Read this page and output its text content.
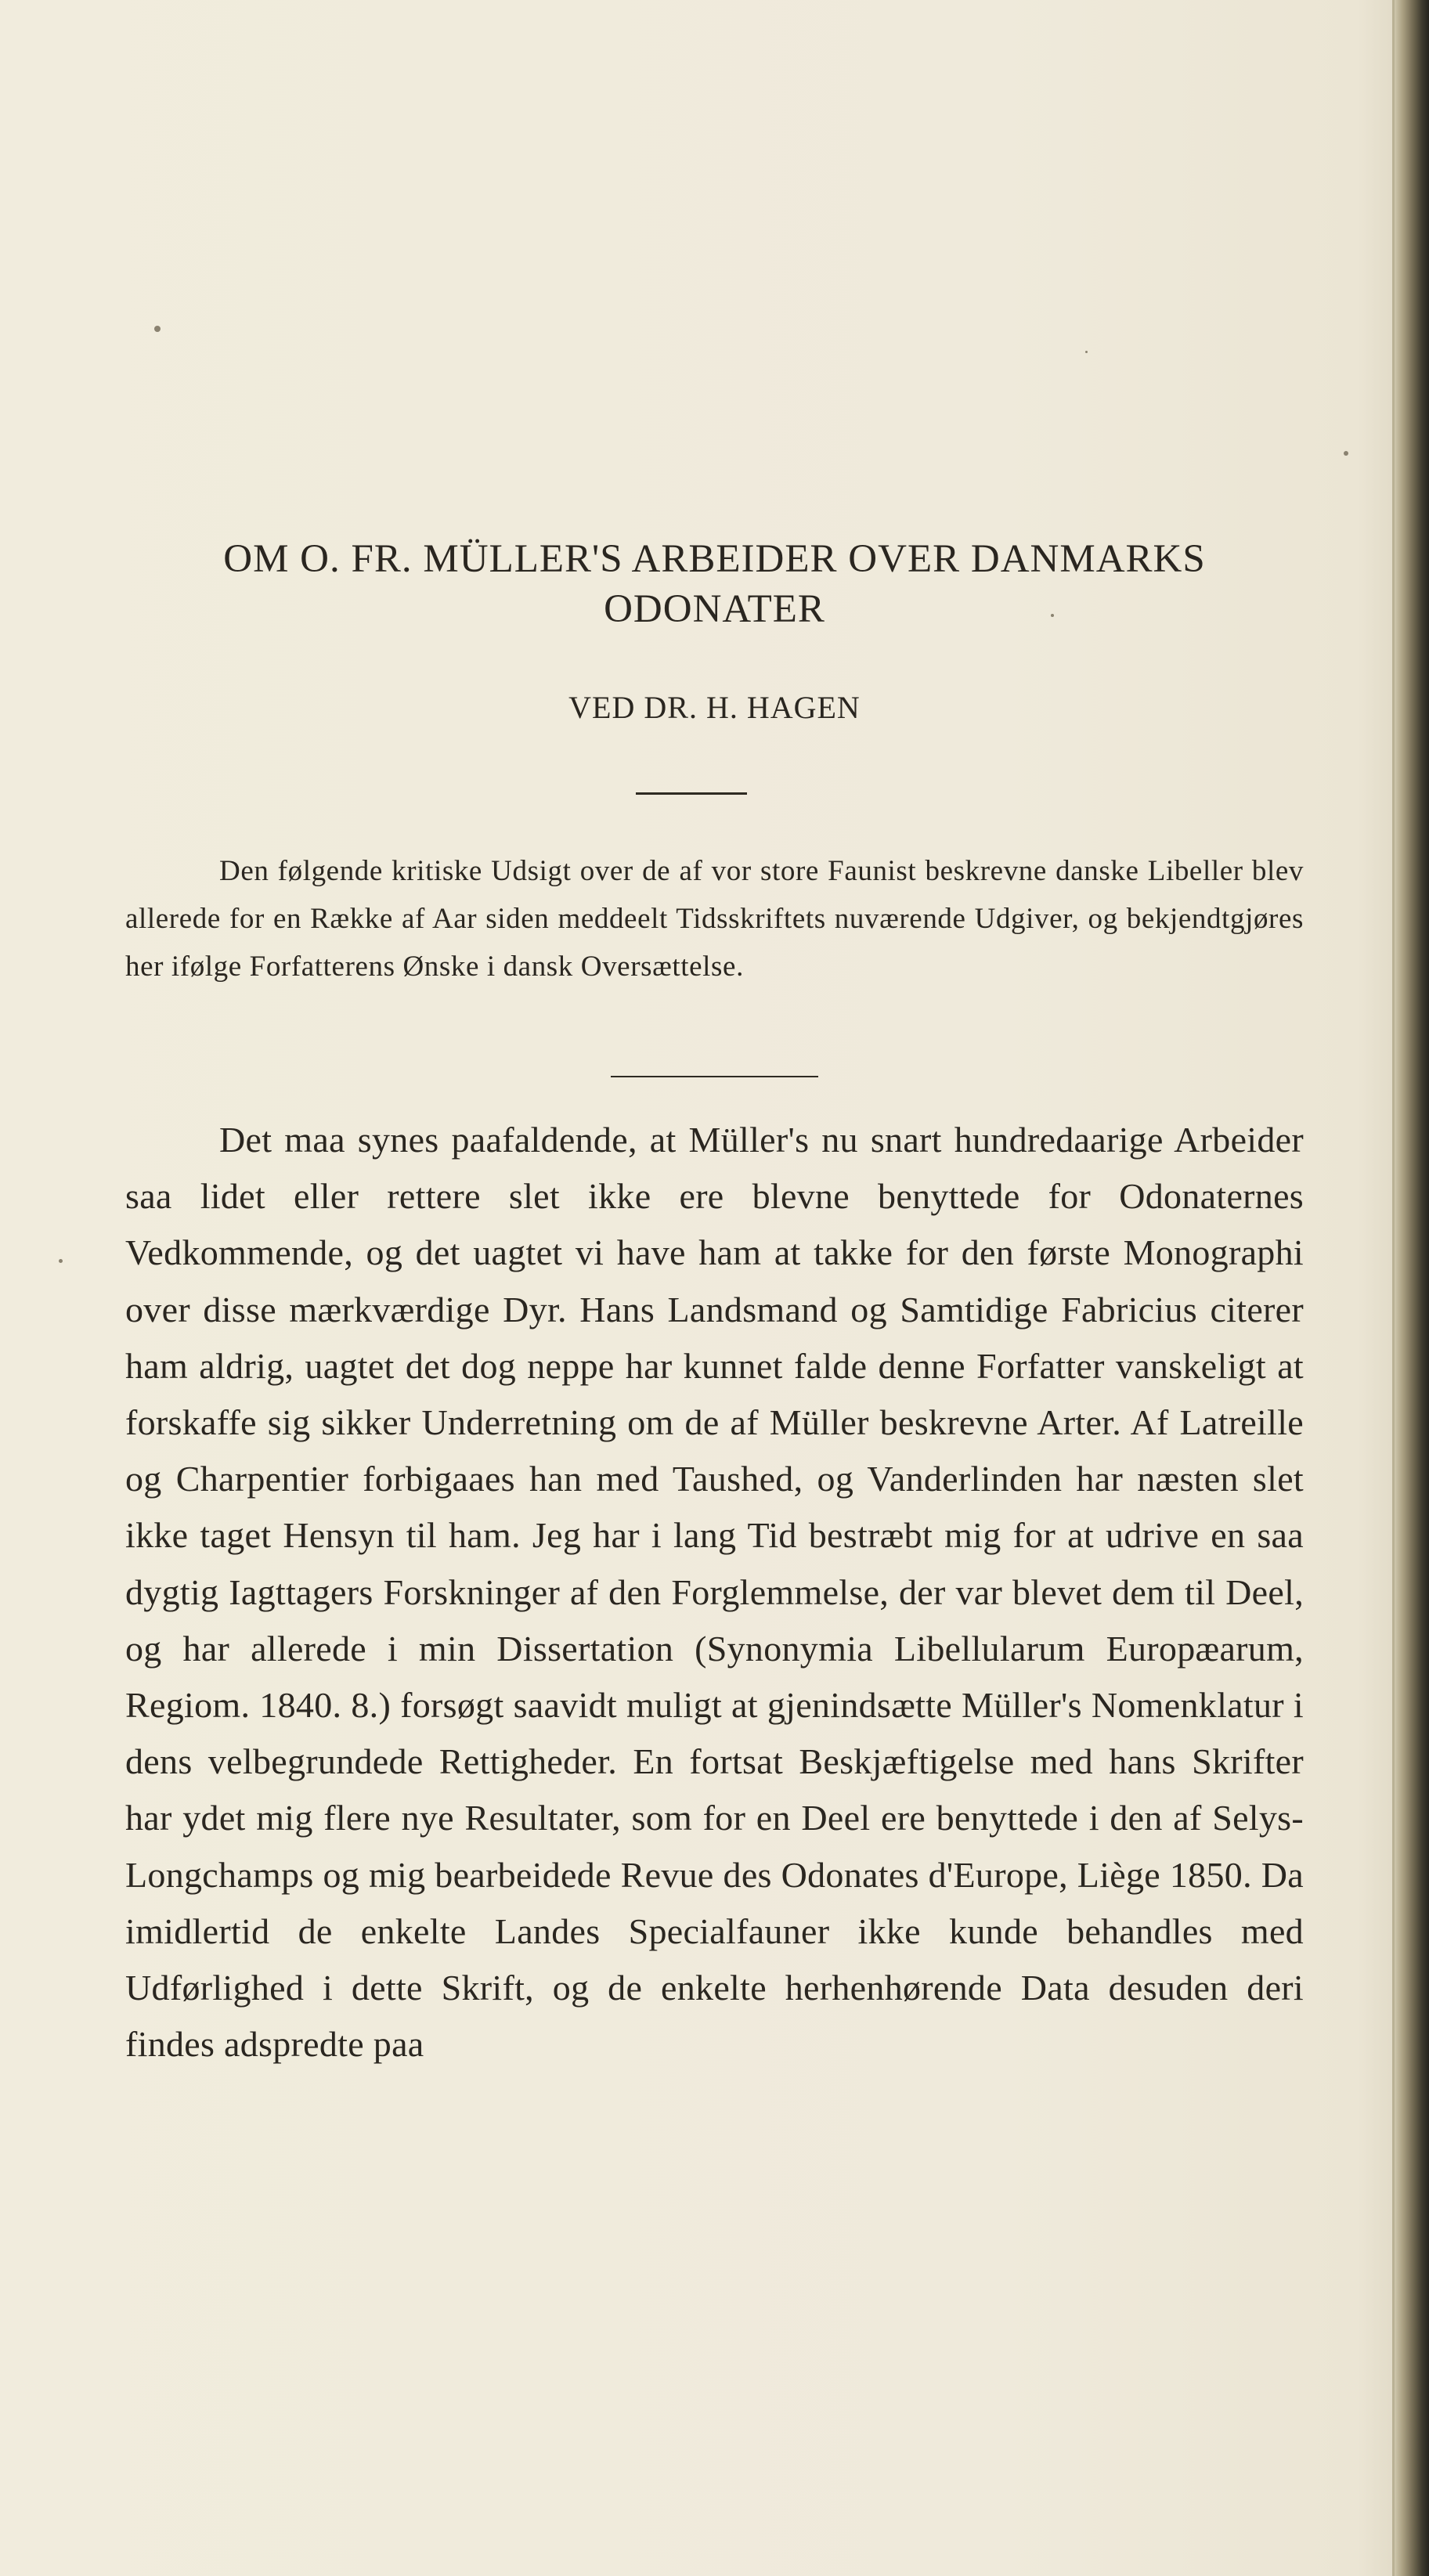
OM O. FR. MÜLLER'S ARBEIDER OVER DANMARKS
ODONATER

VED DR. H. HAGEN

Den følgende kritiske Udsigt over de af vor store Faunist beskrevne danske Libeller blev allerede for en Række af Aar siden meddeelt Tidsskriftets nuværende Udgiver, og bekjendtgjøres her ifølge Forfatterens Ønske i dansk Oversættelse.

Det maa synes paafaldende, at Müller's nu snart hundredaarige Arbeider saa lidet eller rettere slet ikke ere blevne benyttede for Odonaternes Vedkommende, og det uagtet vi have ham at takke for den første Monographi over disse mærkværdige Dyr. Hans Landsmand og Samtidige Fabricius citerer ham aldrig, uagtet det dog neppe har kunnet falde denne Forfatter vanskeligt at forskaffe sig sikker Underretning om de af Müller beskrevne Arter. Af Latreille og Charpentier forbigaaes han med Taushed, og Vanderlinden har næsten slet ikke taget Hensyn til ham. Jeg har i lang Tid bestræbt mig for at udrive en saa dygtig Iagttagers Forskninger af den Forglemmelse, der var blevet dem til Deel, og har allerede i min Dissertation (Synonymia Libellularum Europæarum, Regiom. 1840. 8.) forsøgt saavidt muligt at gjenindsætte Müller's Nomenklatur i dens velbegrundede Rettigheder. En fortsat Beskjæftigelse med hans Skrifter har ydet mig flere nye Resultater, som for en Deel ere benyttede i den af Selys-Longchamps og mig bearbeidede Revue des Odonates d'Europe, Liège 1850. Da imidlertid de enkelte Landes Specialfauner ikke kunde behandles med Udførlighed i dette Skrift, og de enkelte herhenhørende Data desuden deri findes adspredte paa
